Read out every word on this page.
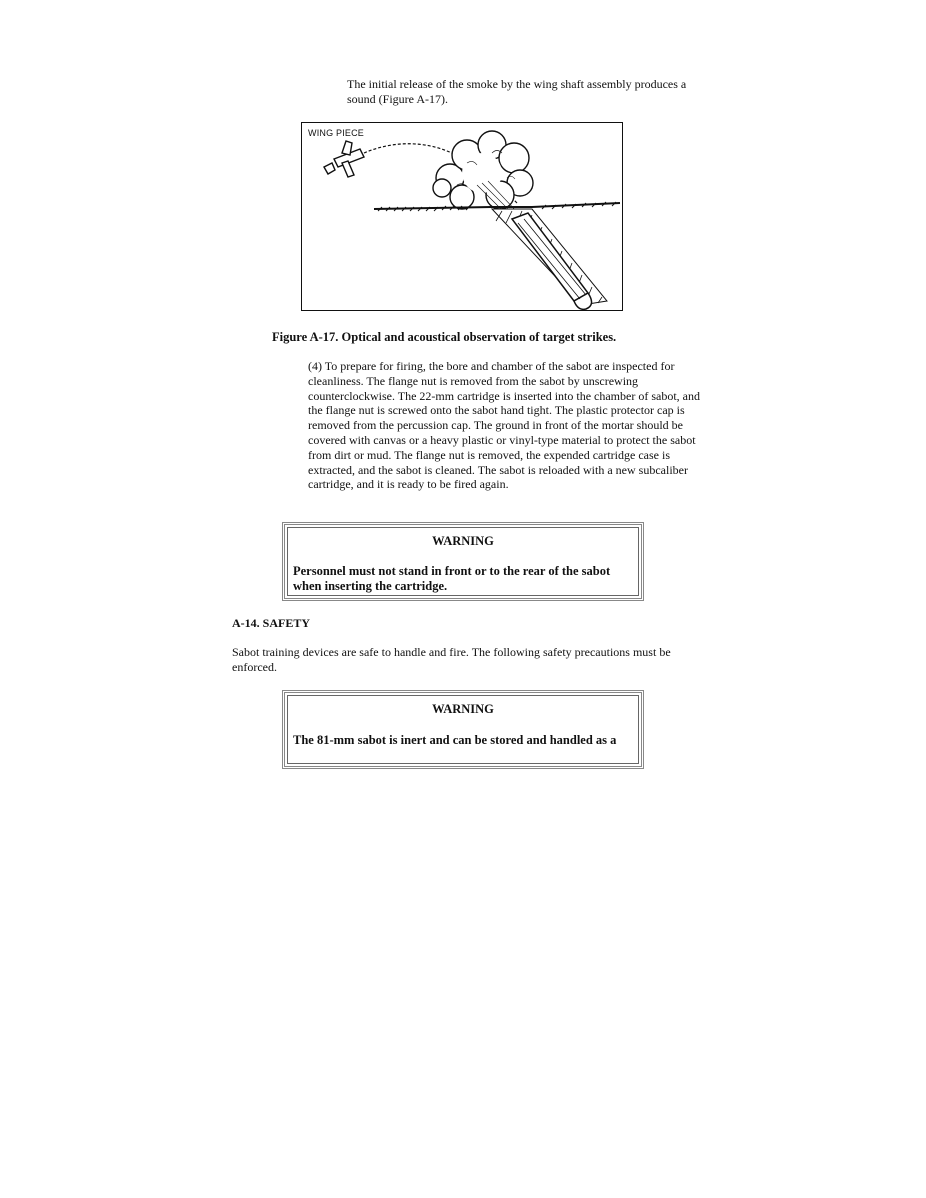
The initial release of the smoke by the wing shaft assembly produces a sound (Figure A-17).
WING PIECE
Figure A-17. Optical and acoustical observation of target strikes.
(4) To prepare for firing, the bore and chamber of the sabot are inspected for cleanliness. The flange nut is removed from the sabot by unscrewing counterclockwise. The 22-mm cartridge is inserted into the chamber of sabot, and the flange nut is screwed onto the sabot hand tight. The plastic protector cap is removed from the percussion cap. The ground in front of the mortar should be covered with canvas or a heavy plastic or vinyl-type material to protect the sabot from dirt or mud. The flange nut is removed, the expended cartridge case is extracted, and the sabot is cleaned. The sabot is reloaded with a new subcaliber cartridge, and it is ready to be fired again.
WARNING
Personnel must not stand in front or to the rear of the sabot when inserting the cartridge.
A-14. SAFETY
Sabot training devices are safe to handle and fire. The following safety precautions must be enforced.
WARNING
The 81-mm sabot is inert and can be stored and handled as a
